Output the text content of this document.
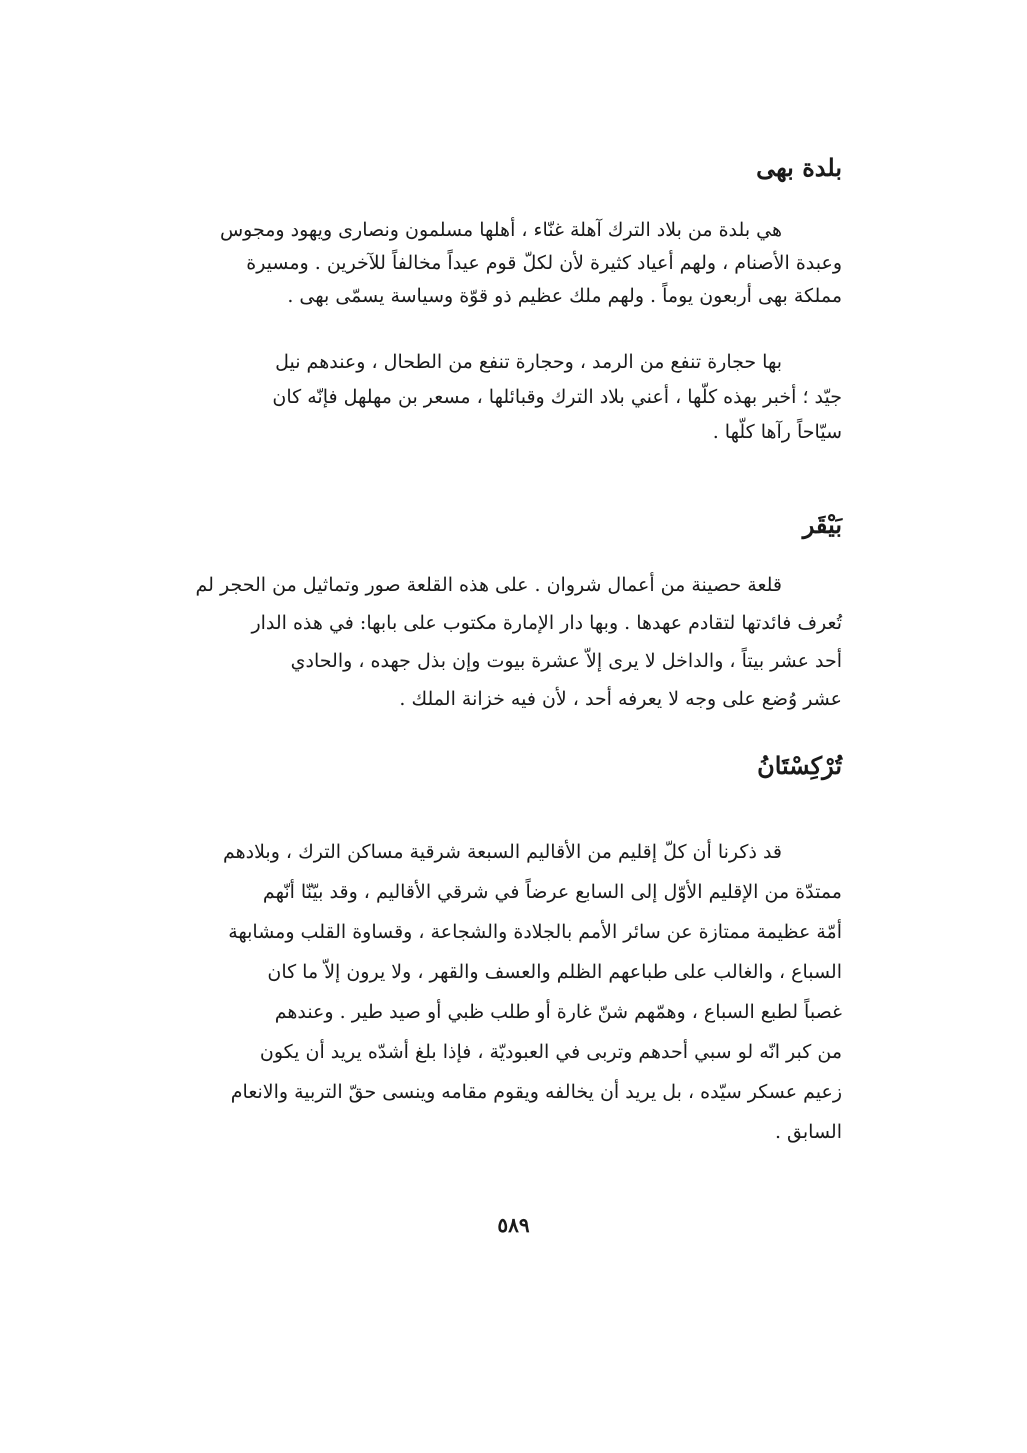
بلدة بهى
هي بلدة من بلاد الترك آهلة غنّاء ، أهلها مسلمون ونصارى ويهود ومجوس
وعبدة الأصنام ، ولهم أعياد كثيرة لأن لكلّ قوم عيداً مخالفاً للآخرين . ومسيرة
مملكة بهى أربعون يوماً . ولهم ملك عظيم ذو قوّة وسياسة يسمّى بهى .
بها حجارة تنفع من الرمد ، وحجارة تنفع من الطحال ، وعندهم نيل
جيّد ؛ أخبر بهذه كلّها ، أعني بلاد الترك وقبائلها ، مسعر بن مهلهل فإنّه كان
سيّاحاً رآها كلّها .
بَيْقَر
قلعة حصينة من أعمال شروان . على هذه القلعة صور وتماثيل من الحجر لم
تُعرف فائدتها لتقادم عهدها . وبها دار الإمارة مكتوب على بابها: في هذه الدار
أحد عشر بيتاً ، والداخل لا يرى إلاّ عشرة بيوت وإن بذل جهده ، والحادي
عشر وُضع على وجه لا يعرفه أحد ، لأن فيه خزانة الملك .
تُرْكِسْتَانُ
قد ذكرنا أن كلّ إقليم من الأقاليم السبعة شرقية مساكن الترك ، وبلادهم
ممتدّة من الإقليم الأوّل إلى السابع عرضاً في شرقي الأقاليم ، وقد بيّنّا أنّهم
أمّة عظيمة ممتازة عن سائر الأمم بالجلادة والشجاعة ، وقساوة القلب ومشابهة
السباع ، والغالب على طباعهم الظلم والعسف والقهر ، ولا يرون إلاّ ما كان
غصباً لطبع السباع ، وهمّهم شنّ غارة أو طلب ظبي أو صيد طير . وعندهم
من كبر انّه لو سبي أحدهم وتربى في العبوديّة ، فإذا بلغ أشدّه يريد أن يكون
زعيم عسكر سيّده ، بل يريد أن يخالفه ويقوم مقامه وينسى حقّ التربية والانعام
السابق .
٥٨٩
